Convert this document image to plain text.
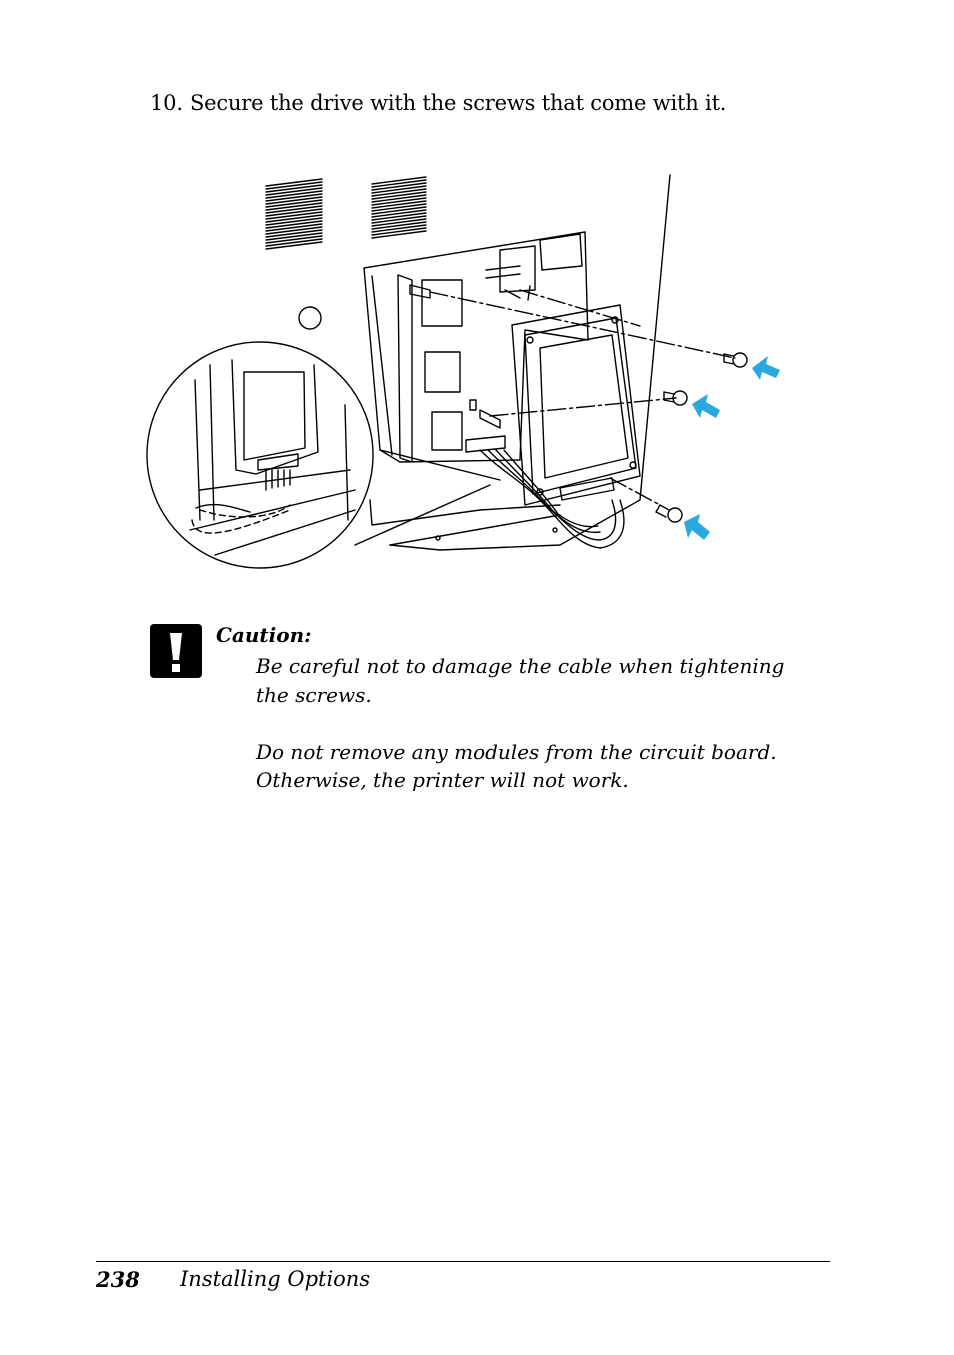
10. Secure the drive with the screws that come with it.
Caution:

Be careful not to damage the cable when tightening the screws.

Do not remove any modules from the circuit board. Otherwise, the printer will not work.

238 Installing Options
